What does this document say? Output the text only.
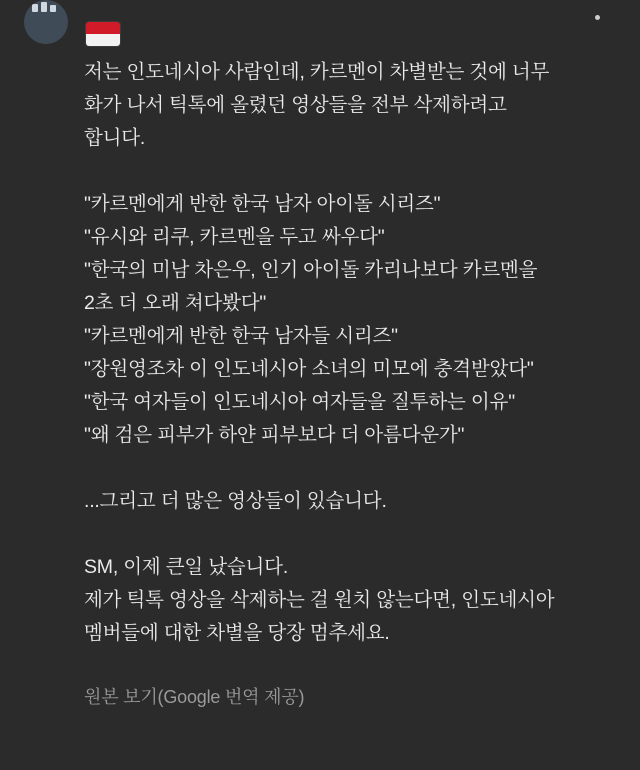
저는 인도네시아 사람인데, 카르멘이 차별받는 것에 너무 화가 나서 틱톡에 올렸던 영상들을 전부 삭제하려고 합니다.

"카르멘에게 반한 한국 남자 아이돌 시리즈"
"유시와 리쿠, 카르멘을 두고 싸우다"
"한국의 미남 차은우, 인기 아이돌 카리나보다 카르멘을 2초 더 오래 쳐다봤다"
"카르멘에게 반한 한국 남자들 시리즈"
"장원영조차 이 인도네시아 소녀의 미모에 충격받았다"
"한국 여자들이 인도네시아 여자들을 질투하는 이유"
"왜 검은 피부가 하얀 피부보다 더 아름다운가"

...그리고 더 많은 영상들이 있습니다.

SM, 이제 큰일 났습니다.

제가 틱톡 영상을 삭제하는 걸 원치 않는다면, 인도네시아 멤버들에 대한 차별을 당장 멈추세요.

원본 보기(Google 번역 제공)
